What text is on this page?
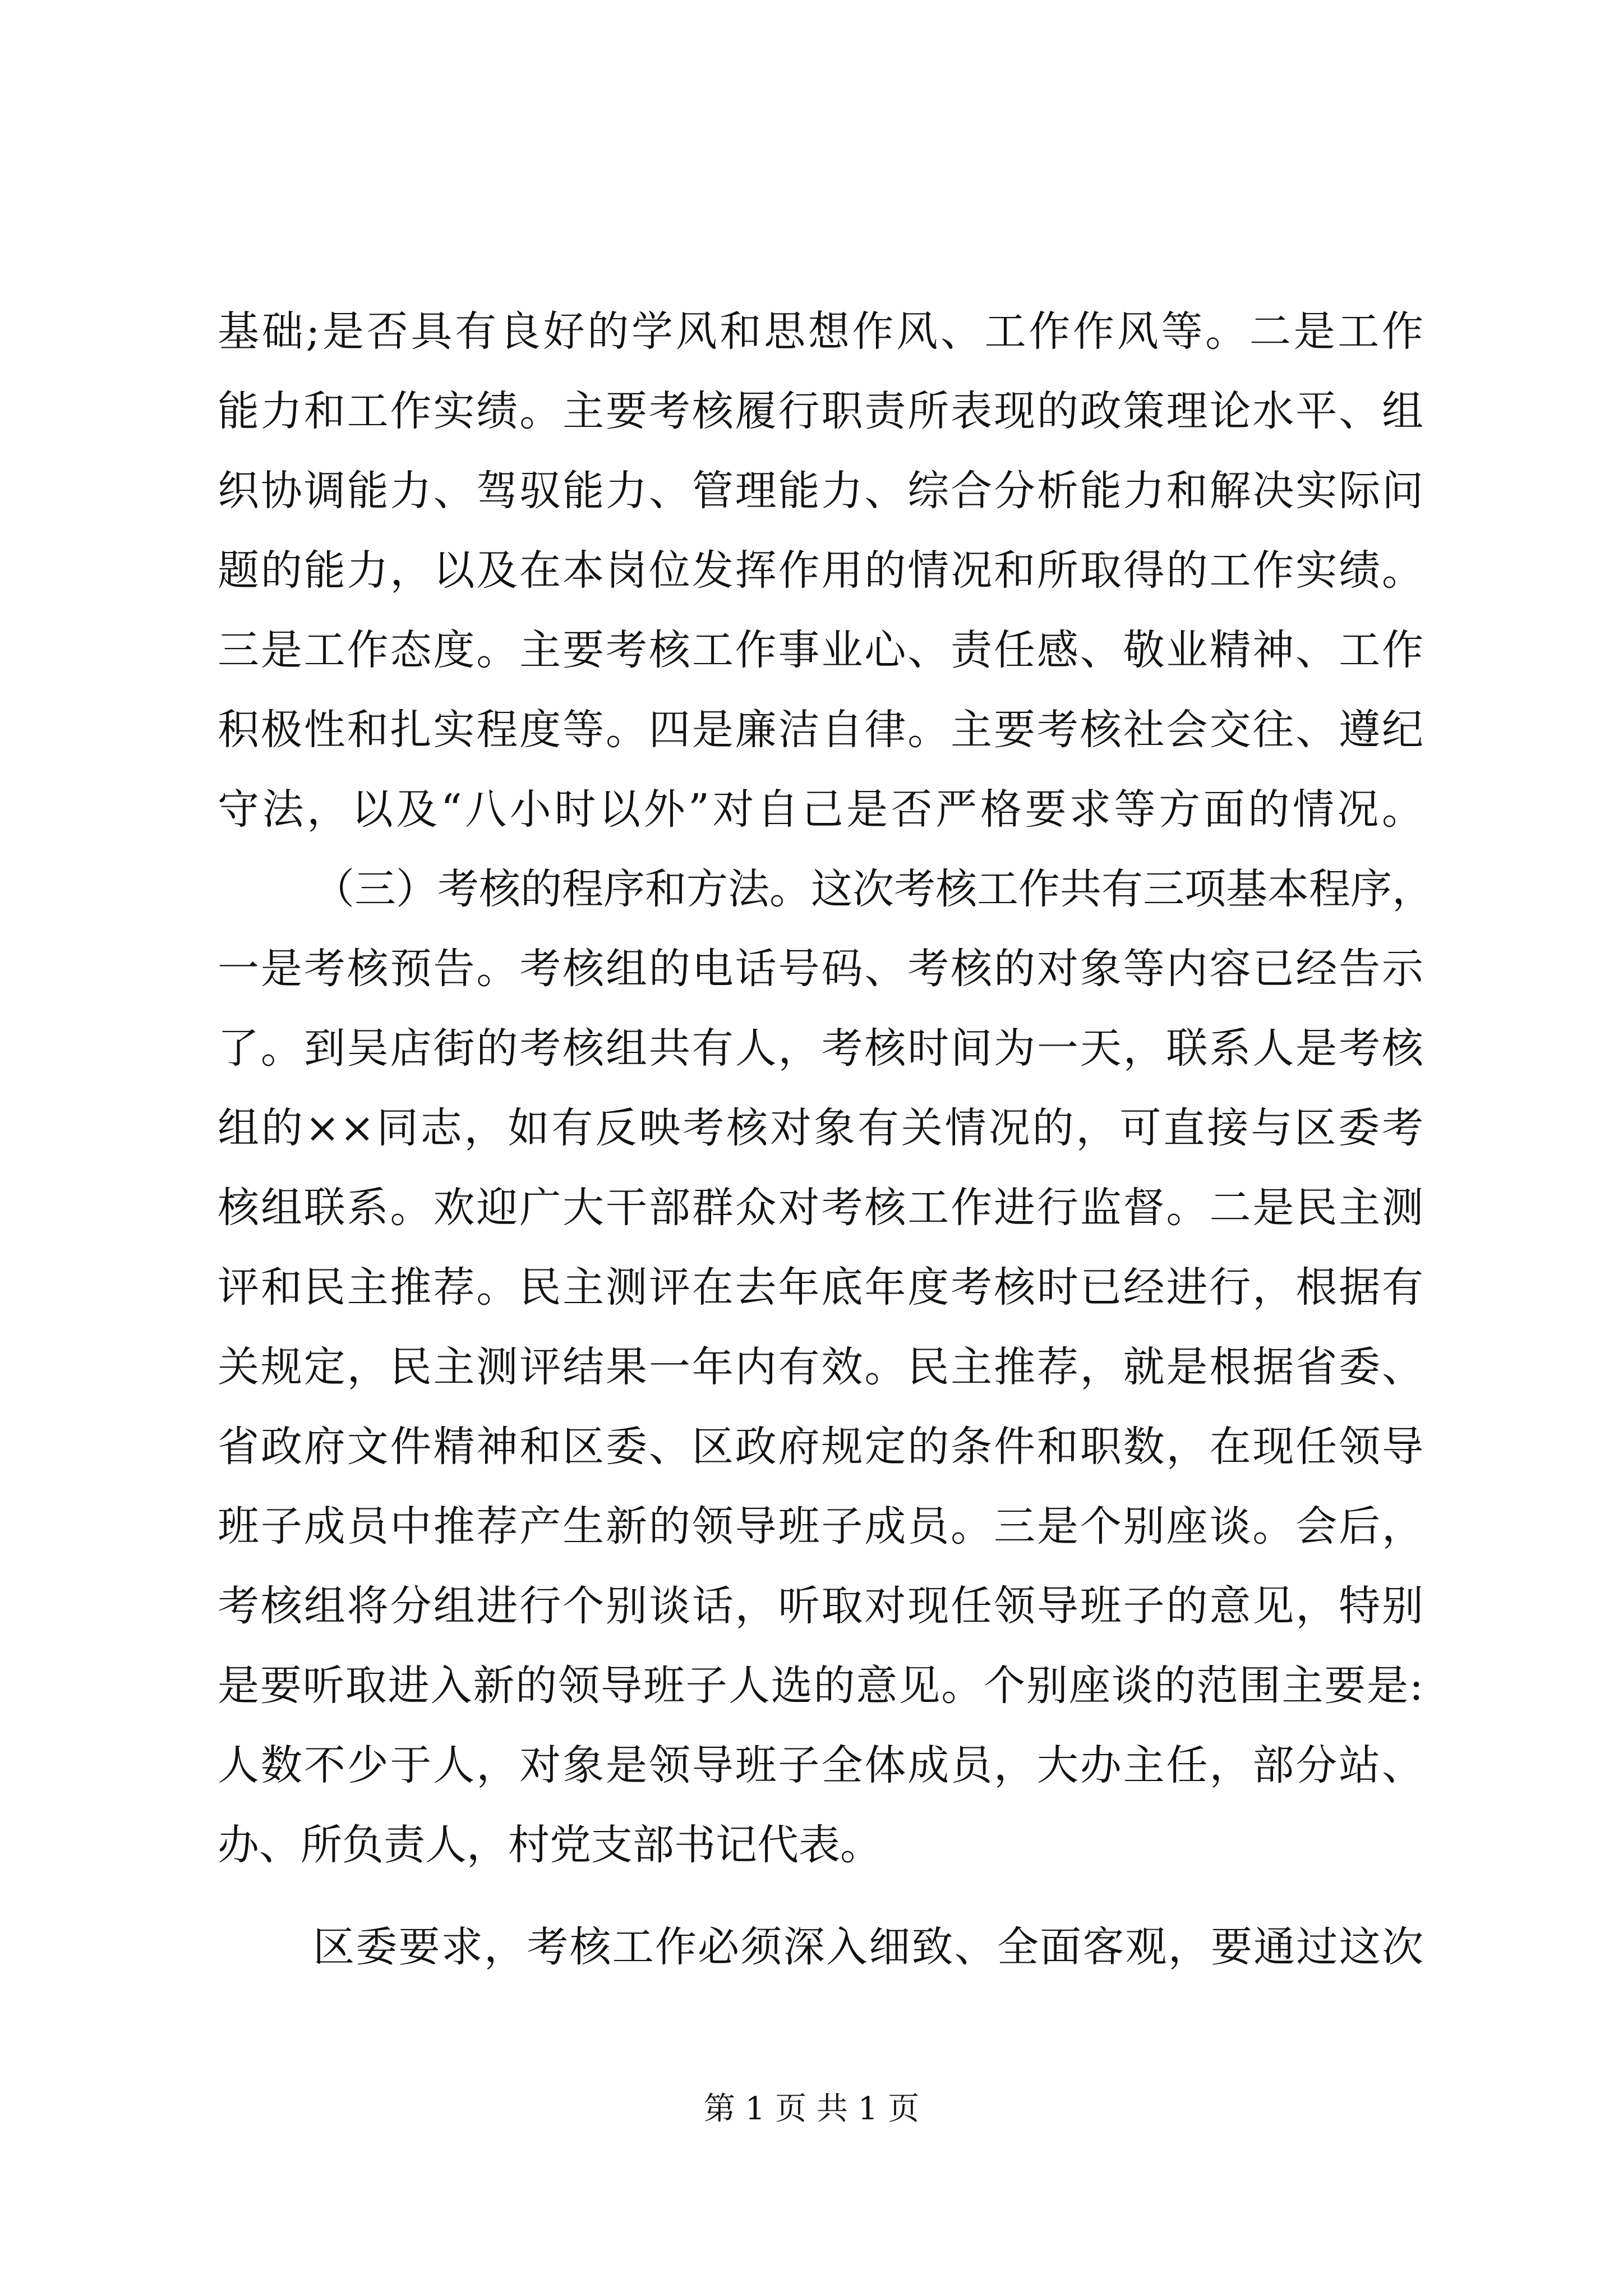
基础;是否具有良好的学风和思想作风、工作作风等。二是工作
能力和工作实绩。主要考核履行职责所表现的政策理论水平、组
织协调能力、驾驭能力、管理能力、综合分析能力和解决实际问
题的能力，以及在本岗位发挥作用的情况和所取得的工作实绩。
三是工作态度。主要考核工作事业心、责任感、敬业精神、工作
积极性和扎实程度等。四是廉洁自律。主要考核社会交往、遵纪
守法，以及“八小时以外”对自己是否严格要求等方面的情况。
（三）考核的程序和方法。这次考核工作共有三项基本程序，
一是考核预告。考核组的电话号码、考核的对象等内容已经告示
了。到吴店街的考核组共有人，考核时间为一天，联系人是考核
组的××同志，如有反映考核对象有关情况的，可直接与区委考
核组联系。欢迎广大干部群众对考核工作进行监督。二是民主测
评和民主推荐。民主测评在去年底年度考核时已经进行，根据有
关规定，民主测评结果一年内有效。民主推荐，就是根据省委、
省政府文件精神和区委、区政府规定的条件和职数，在现任领导
班子成员中推荐产生新的领导班子成员。三是个别座谈。会后，
考核组将分组进行个别谈话，听取对现任领导班子的意见，特别
是要听取进入新的领导班子人选的意见。个别座谈的范围主要是:
人数不少于人，对象是领导班子全体成员，大办主任，部分站、
办、所负责人，村党支部书记代表。
区委要求，考核工作必须深入细致、全面客观，要通过这次
第 1 页 共 1 页
